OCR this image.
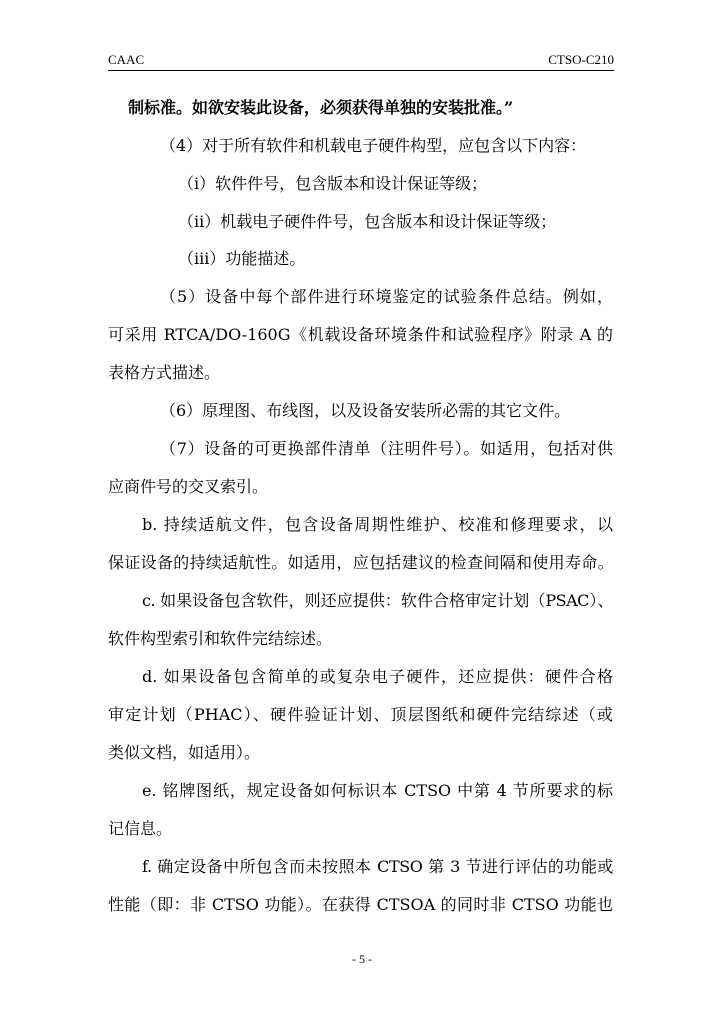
CAAC	CTSO-C210
制标准。如欲安装此设备，必须获得单独的安装批准。”
（4）对于所有软件和机载电子硬件构型，应包含以下内容：
（i）软件件号，包含版本和设计保证等级；
（ii）机载电子硬件件号，包含版本和设计保证等级；
（iii）功能描述。
（5）设备中每个部件进行环境鉴定的试验条件总结。例如，
可采用 RTCA/DO-160G《机载设备环境条件和试验程序》附录 A 的
表格方式描述。
（6）原理图、布线图，以及设备安装所必需的其它文件。
（7）设备的可更换部件清单（注明件号）。如适用，包括对供
应商件号的交叉索引。
b. 持续适航文件，包含设备周期性维护、校准和修理要求，以
保证设备的持续适航性。如适用，应包括建议的检查间隔和使用寿命。
c. 如果设备包含软件，则还应提供：软件合格审定计划（PSAC）、
软件构型索引和软件完结综述。
d. 如果设备包含简单的或复杂电子硬件，还应提供：硬件合格
审定计划（PHAC）、硬件验证计划、顶层图纸和硬件完结综述（或
类似文档，如适用）。
e. 铭牌图纸，规定设备如何标识本 CTSO 中第 4 节所要求的标
记信息。
f. 确定设备中所包含而未按照本 CTSO 第 3 节进行评估的功能或
性能（即：非 CTSO 功能）。在获得 CTSOA 的同时非 CTSO 功能也
- 5 -
